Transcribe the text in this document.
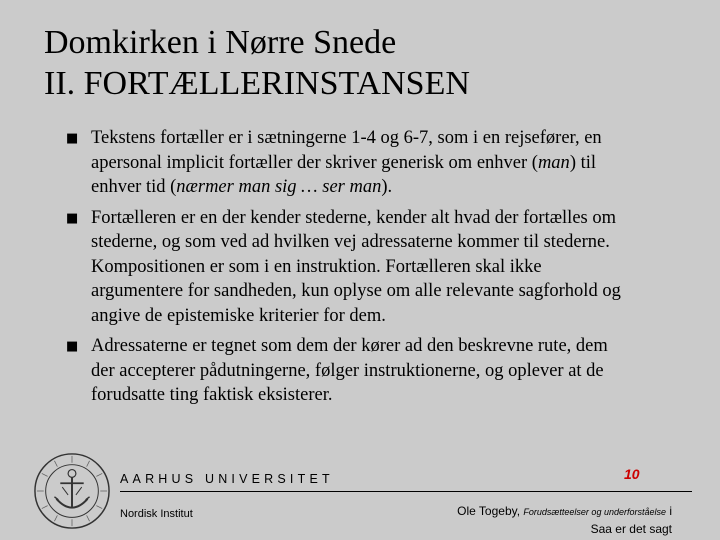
Domkirken i Nørre Snede
II. FORTÆLLERINSTANSEN
■ Tekstens fortæller er i sætningerne 1-4 og 6-7, som i en rejsefører, en
apersonal implicit fortæller der skriver generisk om enhver (man) til
enhver tid (nærmer man sig … ser man).
■ Fortælleren er en der kender stederne, kender alt hvad der fortælles om
stederne, og som ved ad hvilken vej adressaterne kommer til stederne.
Kompositionen er som i en instruktion. Fortælleren skal ikke
argumentere for sandheden, kun oplyse om alle relevante sagforhold og
angive de epistemiske kriterier for dem.
■ Adressaterne er tegnet som dem der kører ad den beskrevne rute, dem
der accepterer pådutningerne, følger instruktionerne, og oplever at de
forudsatte ting faktisk eksisterer.
AARHUS UNIVERSITET
Nordisk Institut
10
Ole Togeby, Forudsætteelser og underforståelse i
Saa er det sagt
